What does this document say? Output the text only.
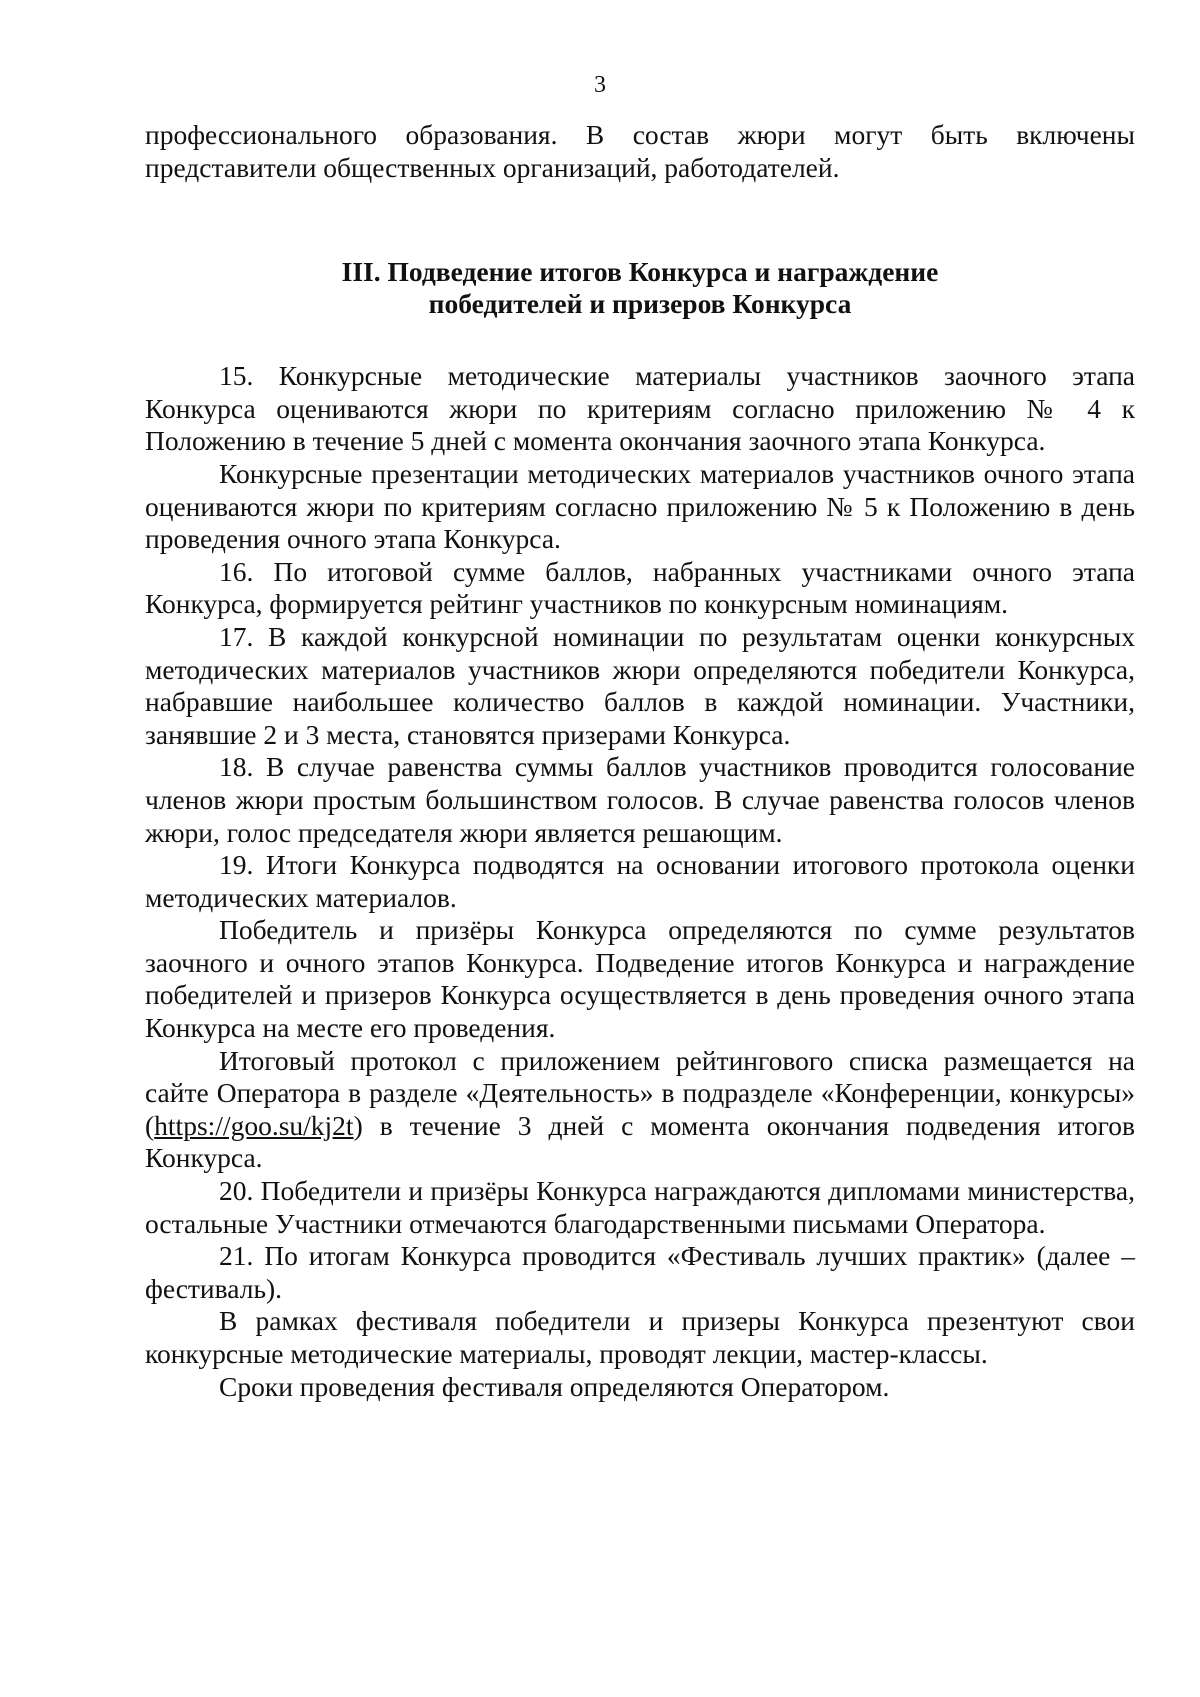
3

профессионального образования. В состав жюри могут быть включены представители общественных организаций, работодателей.

III. Подведение итогов Конкурса и награждение
победителей и призеров Конкурса

15. Конкурсные методические материалы участников заочного этапа Конкурса оцениваются жюри по критериям согласно приложению № 4 к Положению в течение 5 дней с момента окончания заочного этапа Конкурса.

Конкурсные презентации методических материалов участников очного этапа оцениваются жюри по критериям согласно приложению № 5 к Положению в день проведения очного этапа Конкурса.

16. По итоговой сумме баллов, набранных участниками очного этапа Конкурса, формируется рейтинг участников по конкурсным номинациям.

17. В каждой конкурсной номинации по результатам оценки конкурсных методических материалов участников жюри определяются победители Конкурса, набравшие наибольшее количество баллов в каждой номинации. Участники, занявшие 2 и 3 места, становятся призерами Конкурса.

18. В случае равенства суммы баллов участников проводится голосование членов жюри простым большинством голосов. В случае равенства голосов членов жюри, голос председателя жюри является решающим.

19. Итоги Конкурса подводятся на основании итогового протокола оценки методических материалов.

Победитель и призёры Конкурса определяются по сумме результатов заочного и очного этапов Конкурса. Подведение итогов Конкурса и награждение победителей и призеров Конкурса осуществляется в день проведения очного этапа Конкурса на месте его проведения.

Итоговый протокол с приложением рейтингового списка размещается на сайте Оператора в разделе «Деятельность» в подразделе «Конференции, конкурсы» (https://goo.su/kj2t) в течение 3 дней с момента окончания подведения итогов Конкурса.

20. Победители и призёры Конкурса награждаются дипломами министерства, остальные Участники отмечаются благодарственными письмами Оператора.

21. По итогам Конкурса проводится «Фестиваль лучших практик» (далее – фестиваль).

В рамках фестиваля победители и призеры Конкурса презентуют свои конкурсные методические материалы, проводят лекции, мастер-классы.

Сроки проведения фестиваля определяются Оператором.
